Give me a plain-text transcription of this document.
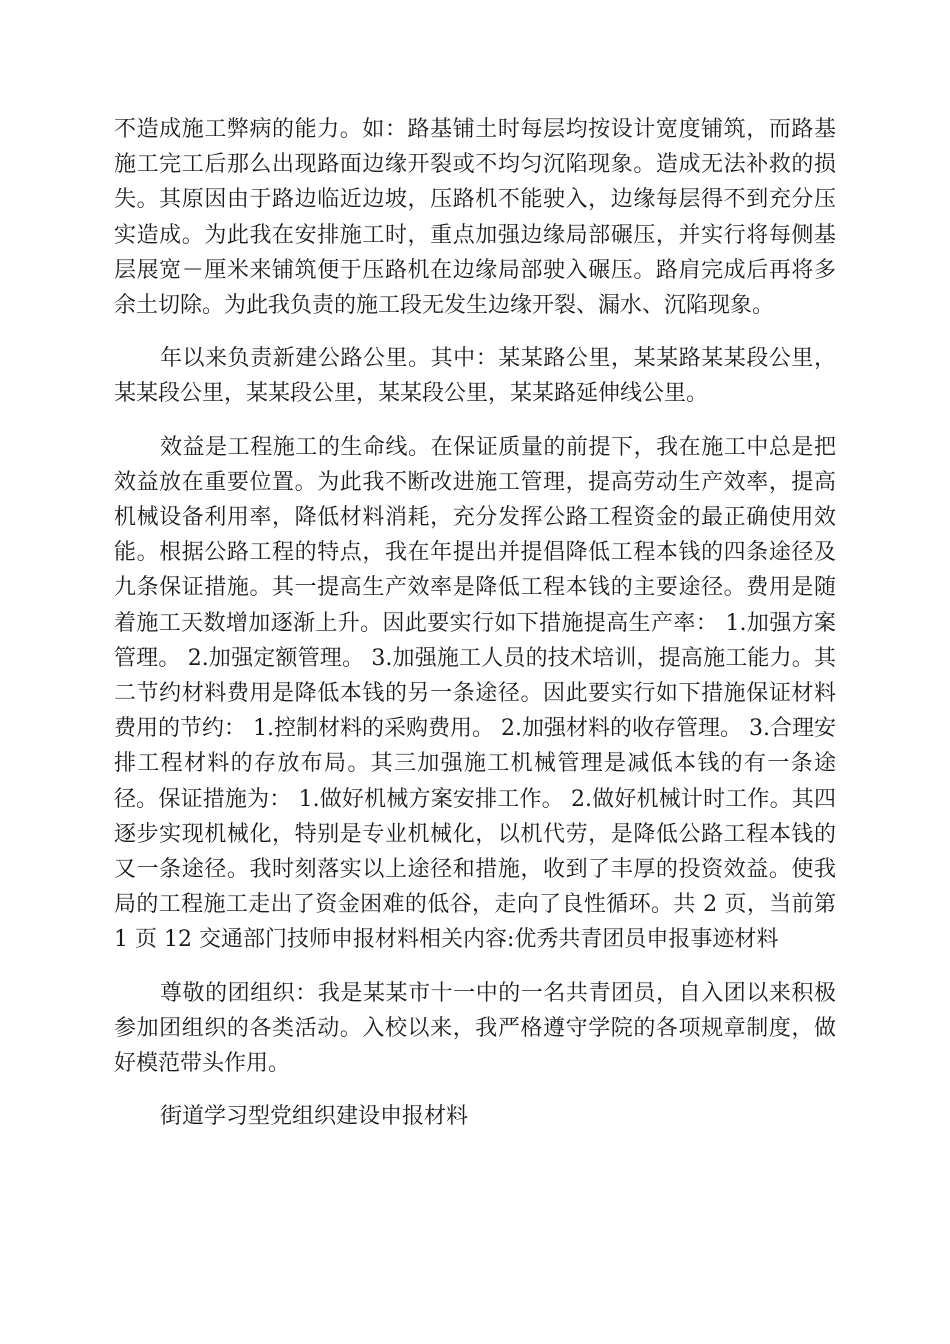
不造成施工弊病的能力。如：路基铺土时每层均按设计宽度铺筑，而路基施工完工后那么出现路面边缘开裂或不均匀沉陷现象。造成无法补救的损失。其原因由于路边临近边坡，压路机不能驶入，边缘每层得不到充分压实造成。为此我在安排施工时，重点加强边缘局部碾压，并实行将每侧基层展宽－厘米来铺筑便于压路机在边缘局部驶入碾压。路肩完成后再将多余土切除。为此我负责的施工段无发生边缘开裂、漏水、沉陷现象。

年以来负责新建公路公里。其中：某某路公里，某某路某某段公里，某某段公里，某某段公里，某某段公里，某某路延伸线公里。

效益是工程施工的生命线。在保证质量的前提下，我在施工中总是把效益放在重要位置。为此我不断改进施工管理，提高劳动生产效率，提高机械设备利用率，降低材料消耗，充分发挥公路工程资金的最正确使用效能。根据公路工程的特点，我在年提出并提倡降低工程本钱的四条途径及九条保证措施。其一提高生产效率是降低工程本钱的主要途径。费用是随着施工天数增加逐渐上升。因此要实行如下措施提高生产率： 1.加强方案管理。 2.加强定额管理。 3.加强施工人员的技术培训，提高施工能力。其二节约材料费用是降低本钱的另一条途径。因此要实行如下措施保证材料费用的节约： 1.控制材料的采购费用。 2.加强材料的收存管理。 3.合理安排工程材料的存放布局。其三加强施工机械管理是减低本钱的有一条途径。保证措施为： 1.做好机械方案安排工作。 2.做好机械计时工作。其四逐步实现机械化，特别是专业机械化，以机代劳，是降低公路工程本钱的又一条途径。我时刻落实以上途径和措施，收到了丰厚的投资效益。使我局的工程施工走出了资金困难的低谷，走向了良性循环。共 2 页，当前第 1 页 12 交通部门技师申报材料相关内容:优秀共青团员申报事迹材料

尊敬的团组织：我是某某市十一中的一名共青团员，自入团以来积极参加团组织的各类活动。入校以来，我严格遵守学院的各项规章制度，做好模范带头作用。

街道学习型党组织建设申报材料
